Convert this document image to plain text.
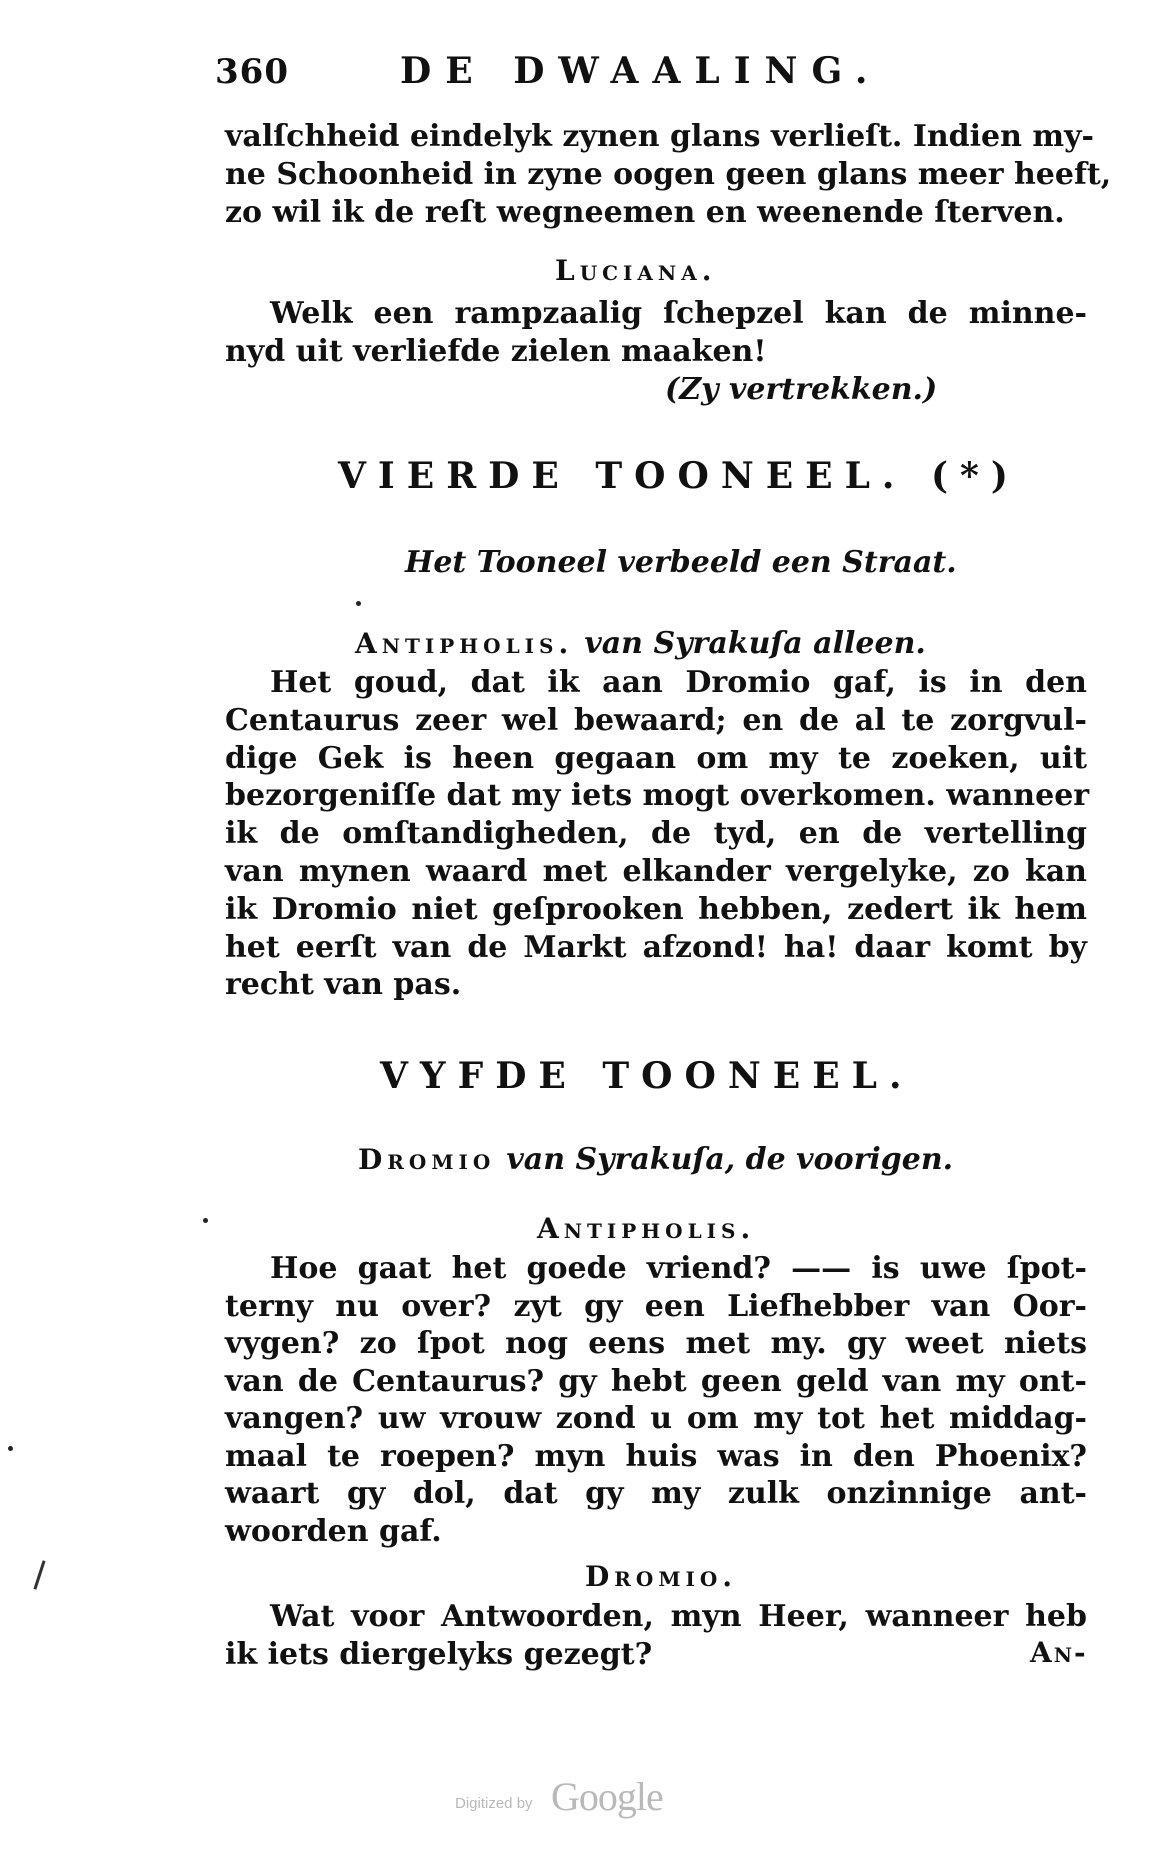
360	DE DWAALING.
valſchheid eindelyk zynen glans verlieſt. Indien my-
ne Schoonheid in zyne oogen geen glans meer heeft,
zo wil ik de reſt wegneemen en weenende ſterven.
Luciana.
Welk een rampzaalig ſchepzel kan de minne-
nyd uit verliefde zielen maaken!
(Zy vertrekken.)
VIERDE TOONEEL. (*)
Het Tooneel verbeeld een Straat.
Antipholis. van Syrakuſa alleen.
Het goud, dat ik aan Dromio gaf, is in den
Centaurus zeer wel bewaard; en de al te zorgvul-
dige Gek is heen gegaan om my te zoeken, uit
bezorgeniſſe dat my iets mogt overkomen. wanneer
ik de omſtandigheden, de tyd, en de vertelling
van mynen waard met elkander vergelyke, zo kan
ik Dromio niet geſprooken hebben, zedert ik hem
het eerſt van de Markt afzond! ha! daar komt by
recht van pas.
VYFDE TOONEEL.
Dromio van Syrakuſa, de voorigen.
Antipholis.
Hoe gaat het goede vriend? —— is uwe ſpot-
terny nu over? zyt gy een Liefhebber van Oor-
vygen? zo ſpot nog eens met my. gy weet niets
van de Centaurus? gy hebt geen geld van my ont-
vangen? uw vrouw zond u om my tot het middag-
maal te roepen? myn huis was in den Phoenix?
waart gy dol, dat gy my zulk onzinnige ant-
woorden gaf.
Dromio.
Wat voor Antwoorden, myn Heer, wanneer heb
ik iets diergelyks gezegt?	An-
Digitized by Google
